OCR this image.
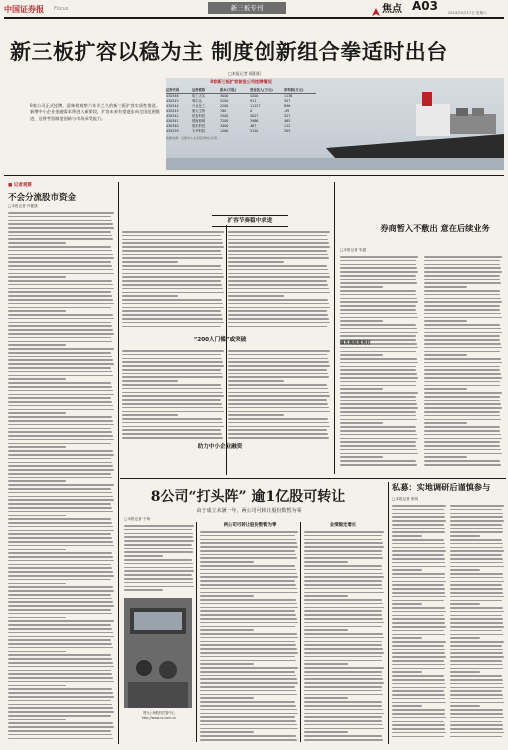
中国证券报 Focus	新三板专刊	焦点 A03	2014年5月17日 星期六
新三板扩容以稳为主 制度创新组合拳适时出台
□本报记者 顾阳阳
8家公司正式挂牌，意味着观察六年半之久的新三板扩容实质性推进。新增中小企业金融需求将进入新阶段，扩容未来有望逐步向全国范围推进，这将考验制度创新与市场承受能力。
8家新三板扩容首批公司挂牌情况
证券代码	证券简称	股本(万股)	营业收入(万元)	净利润(万元)
430346	哈工大实	3000	4200	1136
430345	利尔达	5200	911	307
430344	兴业化工	2200	11127	896
430343	康大生物	780	0	-95
430342	恒泰科技	2500	4027	327
430341	德海照明	7200	3966	465
430340	联东科技	3400	487	112
430339	丰华科技	1260	3150	205
数据来源：全国中小企业股份转让系统
■ 记者观察
不会分流股市资金
□本报记者 许健康
扩容节奏稳中求进
“200人门槛”或突破
助力中小企业融资
券商暂入不敷出 意在后续业务
□本报记者 朱越
做市商制度利好
8公司“打头阵” 逾1亿股可转让
由于成立未满一年，两公司可转让股份数暂为零
□本报记者 于海
图为上海股权托管中心
http://www.cs.com.cn
两公司可转让股份数暂为零	业绩稳定增长
私募：实地调研后谨慎参与
□本报记者 张明
